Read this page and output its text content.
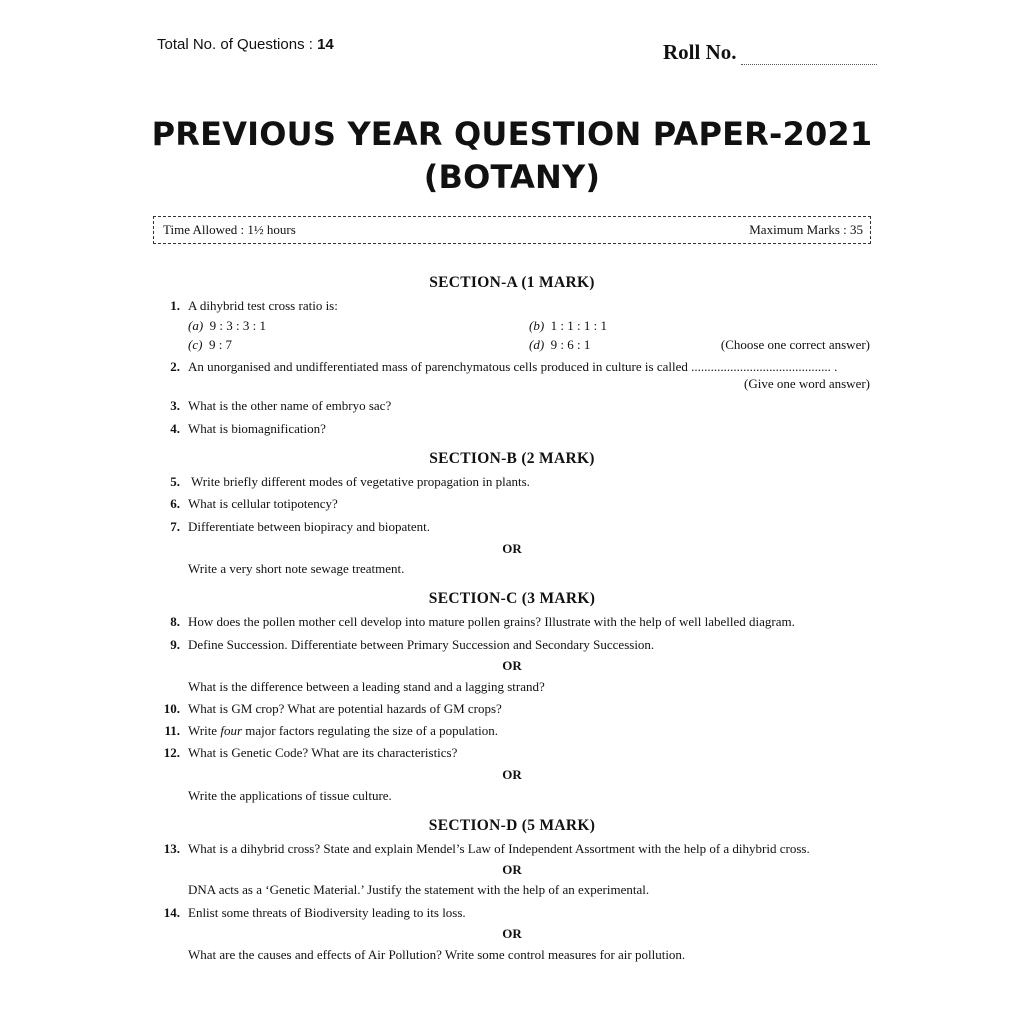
Total No. of Questions : 14	Roll No.
PREVIOUS YEAR QUESTION PAPER-2021
(BOTANY)
Time Allowed : 1½ hours	Maximum Marks : 35
SECTION-A (1 MARK)
1. A dihybrid test cross ratio is:
(a) 9 : 3 : 3 : 1	(b) 1 : 1 : 1 : 1
(c) 9 : 7	(d) 9 : 6 : 1	(Choose one correct answer)
2. An unorganised and undifferentiated mass of parenchymatous cells produced in culture is called ........................................... .
(Give one word answer)
3. What is the other name of embryo sac?
4. What is biomagnification?
SECTION-B (2 MARK)
5. Write briefly different modes of vegetative propagation in plants.
6. What is cellular totipotency?
7. Differentiate between biopiracy and biopatent.
OR
Write a very short note sewage treatment.
SECTION-C (3 MARK)
8. How does the pollen mother cell develop into mature pollen grains? Illustrate with the help of well labelled diagram.
9. Define Succession. Differentiate between Primary Succession and Secondary Succession.
OR
What is the difference between a leading stand and a lagging strand?
10. What is GM crop? What are potential hazards of GM crops?
11. Write four major factors regulating the size of a population.
12. What is Genetic Code? What are its characteristics?
OR
Write the applications of tissue culture.
SECTION-D (5 MARK)
13. What is a dihybrid cross? State and explain Mendel’s Law of Independent Assortment with the help of a dihybrid cross.
OR
DNA acts as a ‘Genetic Material.’ Justify the statement with the help of an experimental.
14. Enlist some threats of Biodiversity leading to its loss.
OR
What are the causes and effects of Air Pollution? Write some control measures for air pollution.
